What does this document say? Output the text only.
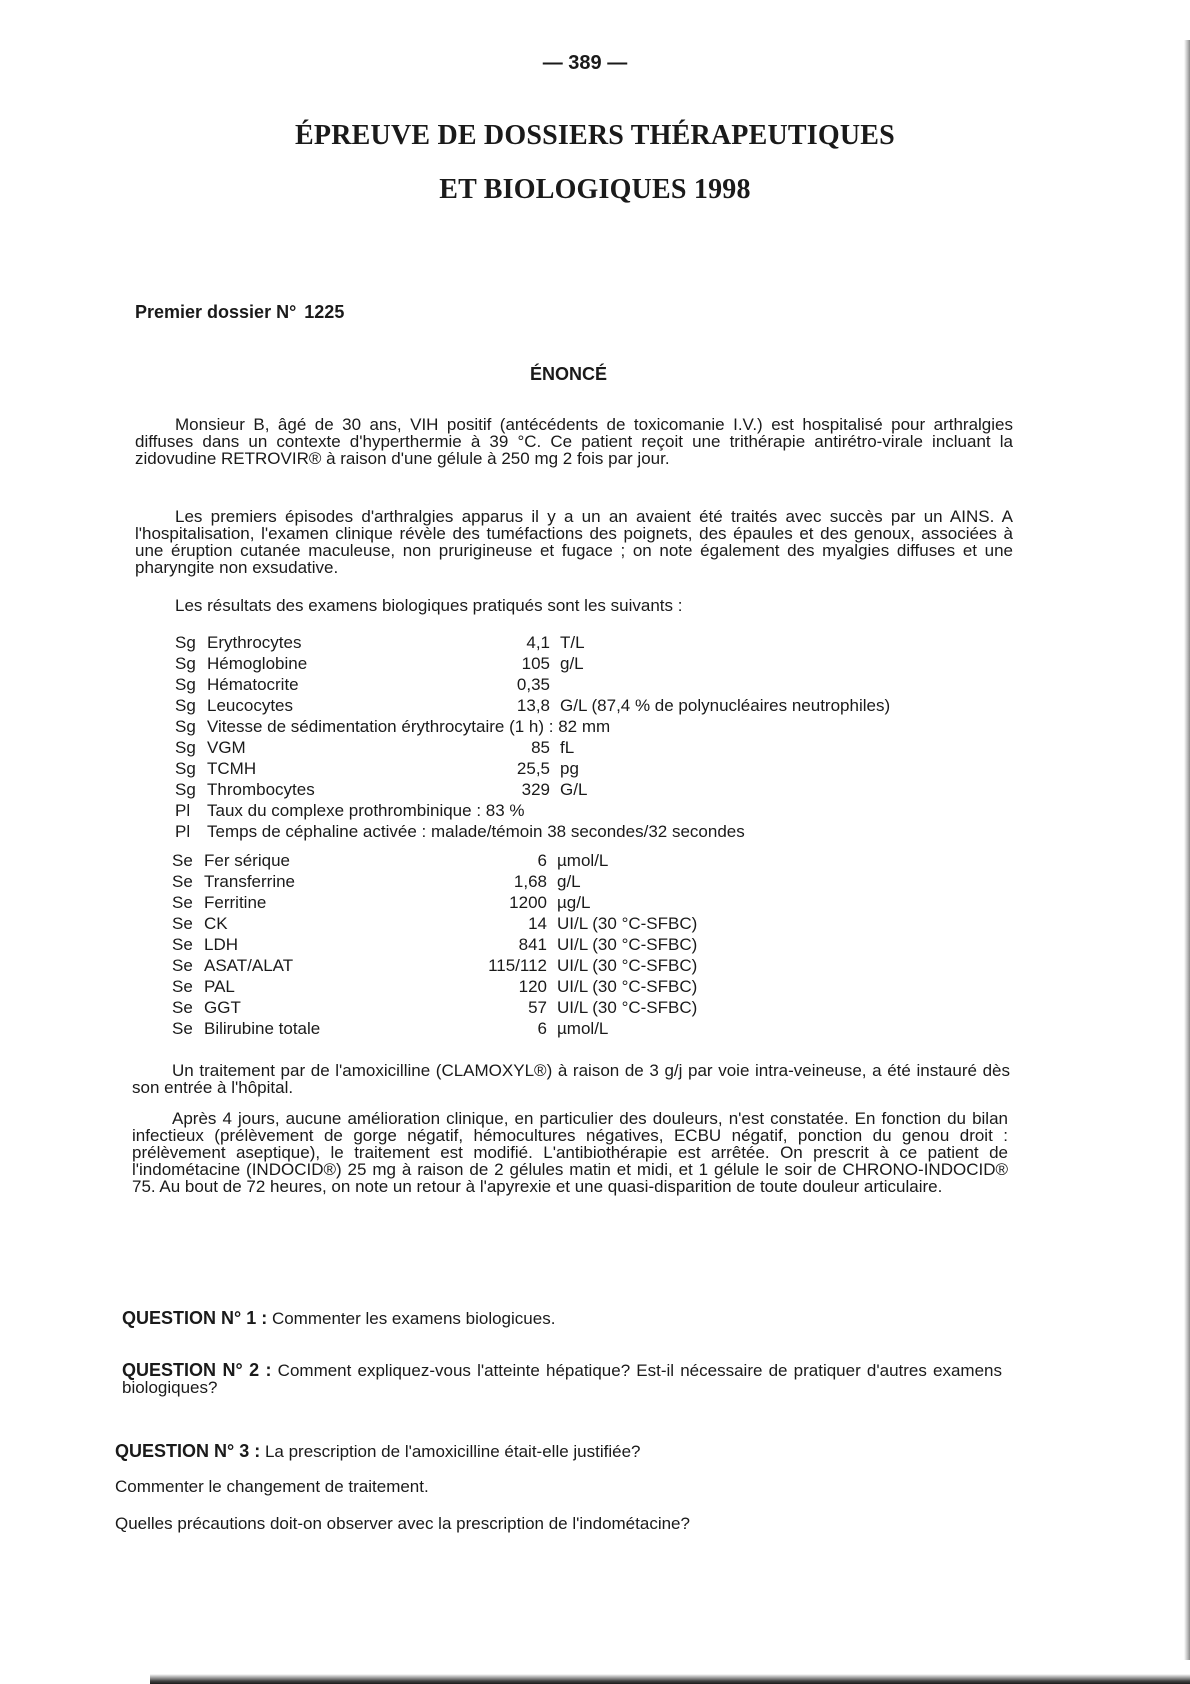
— 389 —
ÉPREUVE DE DOSSIERS THÉRAPEUTIQUES
ET BIOLOGIQUES 1998
Premier dossier N° 1225
ÉNONCÉ

Monsieur B, âgé de 30 ans, VIH positif (antécédents de toxicomanie I.V.) est hospitalisé pour arthralgies diffuses dans un contexte d'hyperthermie à 39 °C. Ce patient reçoit une trithérapie antirétro-virale incluant la zidovudine RETROVIR® à raison d'une gélule à 250 mg 2 fois par jour.

Les premiers épisodes d'arthralgies apparus il y a un an avaient été traités avec succès par un AINS. A l'hospitalisation, l'examen clinique révèle des tuméfactions des poignets, des épaules et des genoux, associées à une éruption cutanée maculeuse, non prurigineuse et fugace ; on note également des myalgies diffuses et une pharyngite non exsudative.

Les résultats des examens biologiques pratiqués sont les suivants :

Sg	Erythrocytes	4,1	T/L
Sg	Hémoglobine	105	g/L
Sg	Hématocrite	0,35	
Sg	Leucocytes	13,8	G/L (87,4 % de polynucléaires neutrophiles)
Sg	Vitesse de sédimentation érythrocytaire (1 h) : 82 mm		
Sg	VGM	85	fL
Sg	TCMH	25,5	pg
Sg	Thrombocytes	329	G/L
Pl	Taux du complexe prothrombinique : 83 %		
Pl	Temps de céphaline activée : malade/témoin 38 secondes/32 secondes		
Se	Fer sérique	6	µmol/L
Se	Transferrine	1,68	g/L
Se	Ferritine	1200	µg/L
Se	CK	14	UI/L (30 °C-SFBC)
Se	LDH	841	UI/L (30 °C-SFBC)
Se	ASAT/ALAT	115/112	UI/L (30 °C-SFBC)
Se	PAL	120	UI/L (30 °C-SFBC)
Se	GGT	57	UI/L (30 °C-SFBC)
Se	Bilirubine totale	6	µmol/L

Un traitement par de l'amoxicilline (CLAMOXYL®) à raison de 3 g/j par voie intra-veineuse, a été instauré dès son entrée à l'hôpital.

Après 4 jours, aucune amélioration clinique, en particulier des douleurs, n'est constatée. En fonction du bilan infectieux (prélèvement de gorge négatif, hémocultures négatives, ECBU négatif, ponction du genou droit : prélèvement aseptique), le traitement est modifié. L'antibiothérapie est arrêtée. On prescrit à ce patient de l'indométacine (INDOCID®) 25 mg à raison de 2 gélules matin et midi, et 1 gélule le soir de CHRONO-INDOCID® 75. Au bout de 72 heures, on note un retour à l'apyrexie et une quasi-disparition de toute douleur articulaire.

QUESTION N° 1 : Commenter les examens biologicues.

QUESTION N° 2 : Comment expliquez-vous l'atteinte hépatique? Est-il nécessaire de pratiquer d'autres examens biologiques?

QUESTION N° 3 : La prescription de l'amoxicilline était-elle justifiée?

Commenter le changement de traitement.

Quelles précautions doit-on observer avec la prescription de l'indométacine?
